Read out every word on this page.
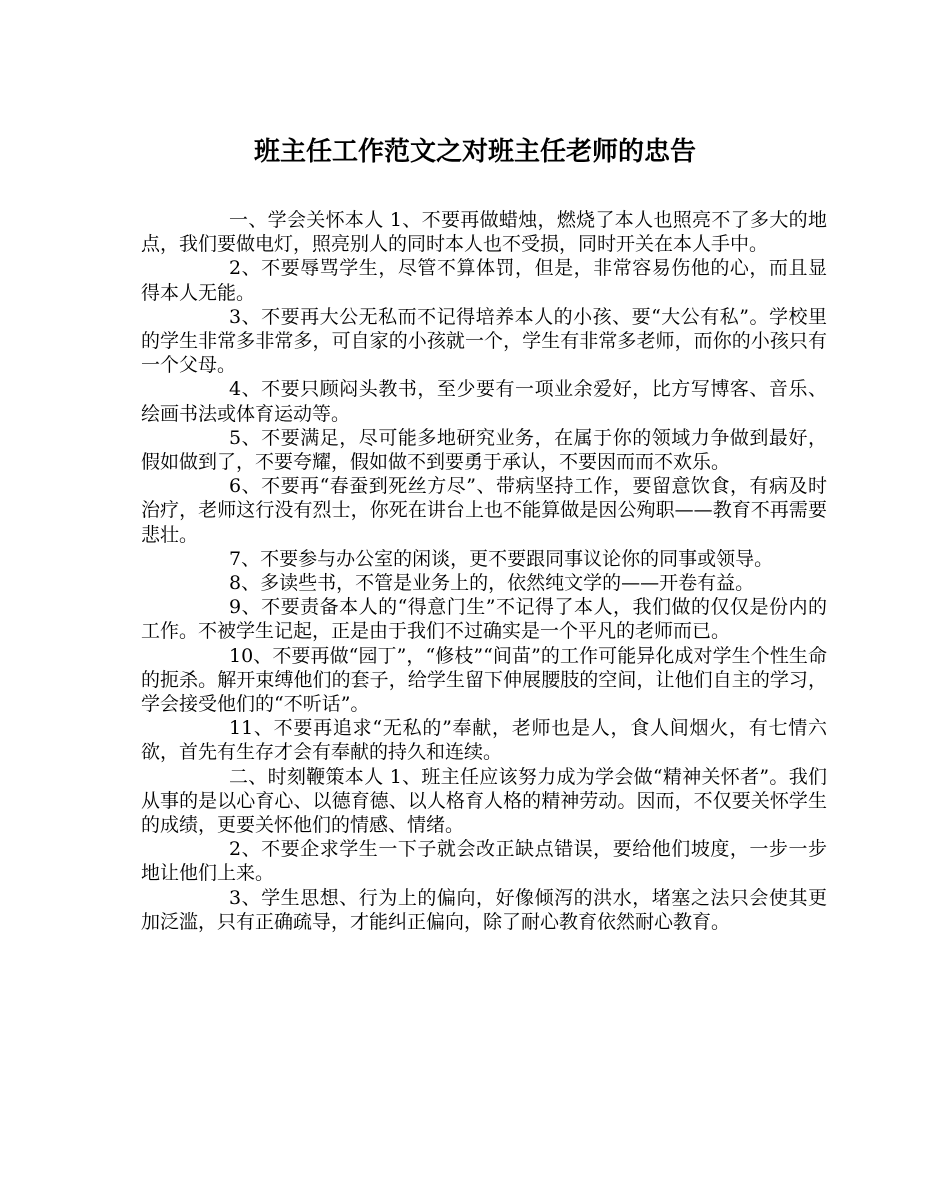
班主任工作范文之对班主任老师的忠告

一、学会关怀本人 1、不要再做蜡烛，燃烧了本人也照亮不了多大的地点，我们要做电灯，照亮别人的同时本人也不受损，同时开关在本人手中。

2、不要辱骂学生，尽管不算体罚，但是，非常容易伤他的心，而且显得本人无能。

3、不要再大公无私而不记得培养本人的小孩、要“大公有私”。学校里的学生非常多非常多，可自家的小孩就一个，学生有非常多老师，而你的小孩只有一个父母。

4、不要只顾闷头教书，至少要有一项业余爱好，比方写博客、音乐、绘画书法或体育运动等。

5、不要满足，尽可能多地研究业务，在属于你的领域力争做到最好，假如做到了，不要夸耀，假如做不到要勇于承认，不要因而而不欢乐。

6、不要再“春蚕到死丝方尽”、带病坚持工作，要留意饮食，有病及时治疗，老师这行没有烈士，你死在讲台上也不能算做是因公殉职——教育不再需要悲壮。

7、不要参与办公室的闲谈，更不要跟同事议论你的同事或领导。

8、多读些书，不管是业务上的，依然纯文学的——开卷有益。

9、不要责备本人的“得意门生”不记得了本人，我们做的仅仅是份内的工作。不被学生记起，正是由于我们不过确实是一个平凡的老师而已。

10、不要再做“园丁”，“修枝”“间苗”的工作可能异化成对学生个性生命的扼杀。解开束缚他们的套子，给学生留下伸展腰肢的空间，让他们自主的学习，学会接受他们的“不听话”。

11、不要再追求“无私的”奉献，老师也是人，食人间烟火，有七情六欲，首先有生存才会有奉献的持久和连续。

二、时刻鞭策本人 1、班主任应该努力成为学会做“精神关怀者”。我们从事的是以心育心、以德育德、以人格育人格的精神劳动。因而，不仅要关怀学生的成绩，更要关怀他们的情感、情绪。

2、不要企求学生一下子就会改正缺点错误，要给他们坡度，一步一步地让他们上来。

3、学生思想、行为上的偏向，好像倾泻的洪水，堵塞之法只会使其更加泛滥，只有正确疏导，才能纠正偏向，除了耐心教育依然耐心教育。
